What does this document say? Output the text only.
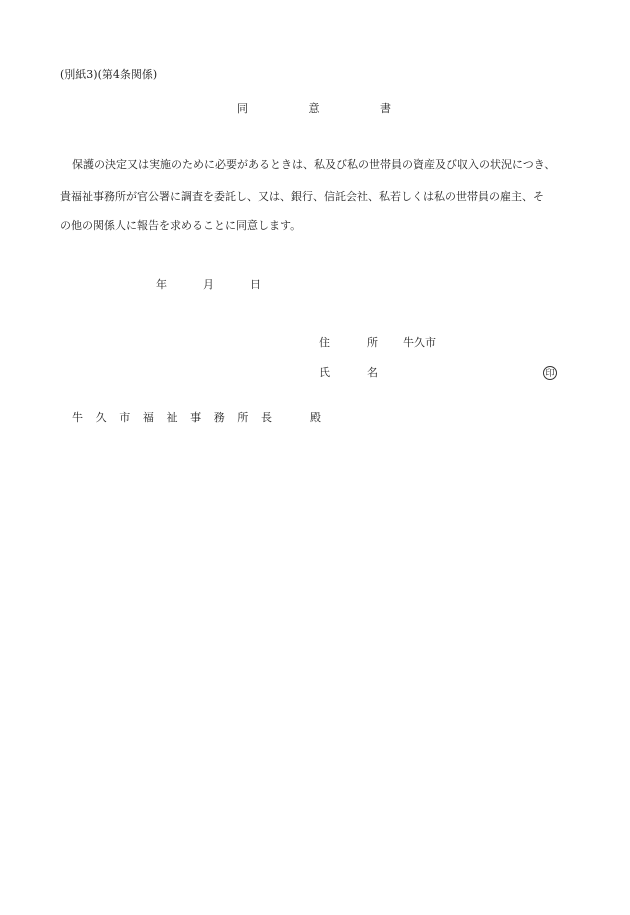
(別紙3)(第4条関係)
同	意	書
保護の決定又は実施のために必要があるときは、私及び私の世帯員の資産及び収入の状況につき、
貴福祉事務所が官公署に調査を委託し、又は、銀行、信託会社、私若しくは私の世帯員の雇主、そ
の他の関係人に報告を求めることに同意します。
年	月	日
住	所 牛久市
氏	名	印
牛 久 市 福 祉 事 務 所 長	殿
